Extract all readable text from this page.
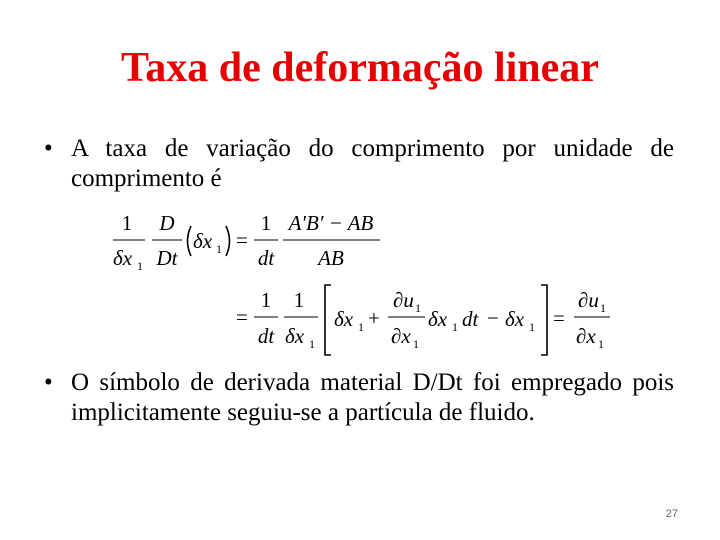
Taxa de deformação linear
• A taxa de variação do comprimento por unidade de comprimento é
1
δx 1
D
Dt
δx 1 =
1
dt
A′B′ − AB
AB
=
1
dt
1
δx 1
δx 1 +
∂u 1
∂x 1
δx 1 dt − δx 1 =
∂u 1
∂x 1
• O símbolo de derivada material D/Dt foi empregado pois implicitamente seguiu-se a partícula de fluido.
27
